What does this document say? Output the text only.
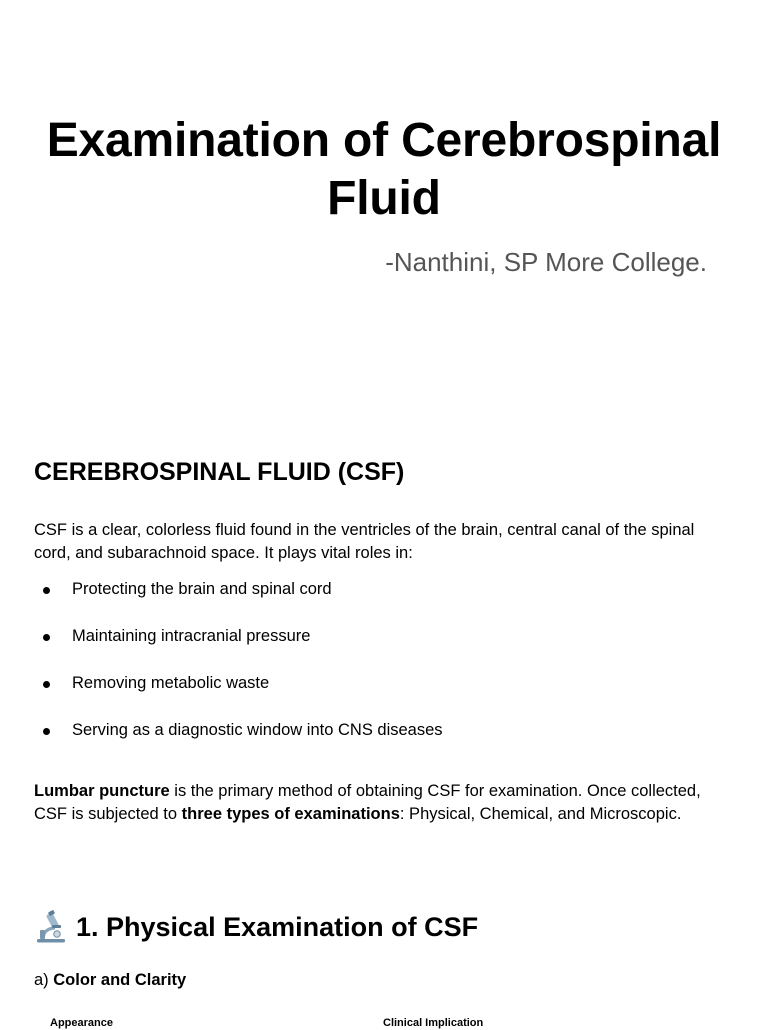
Examination of Cerebrospinal
Fluid

-Nanthini, SP More College.

CEREBROSPINAL FLUID (CSF)

CSF is a clear, colorless fluid found in the ventricles of the brain, central canal of the spinal cord, and subarachnoid space. It plays vital roles in:

Protecting the brain and spinal cord
Maintaining intracranial pressure
Removing metabolic waste
Serving as a diagnostic window into CNS diseases

Lumbar puncture is the primary method of obtaining CSF for examination. Once collected, CSF is subjected to three types of examinations: Physical, Chemical, and Microscopic.

1. Physical Examination of CSF

a) Color and Clarity

Appearance	Clinical Implication
